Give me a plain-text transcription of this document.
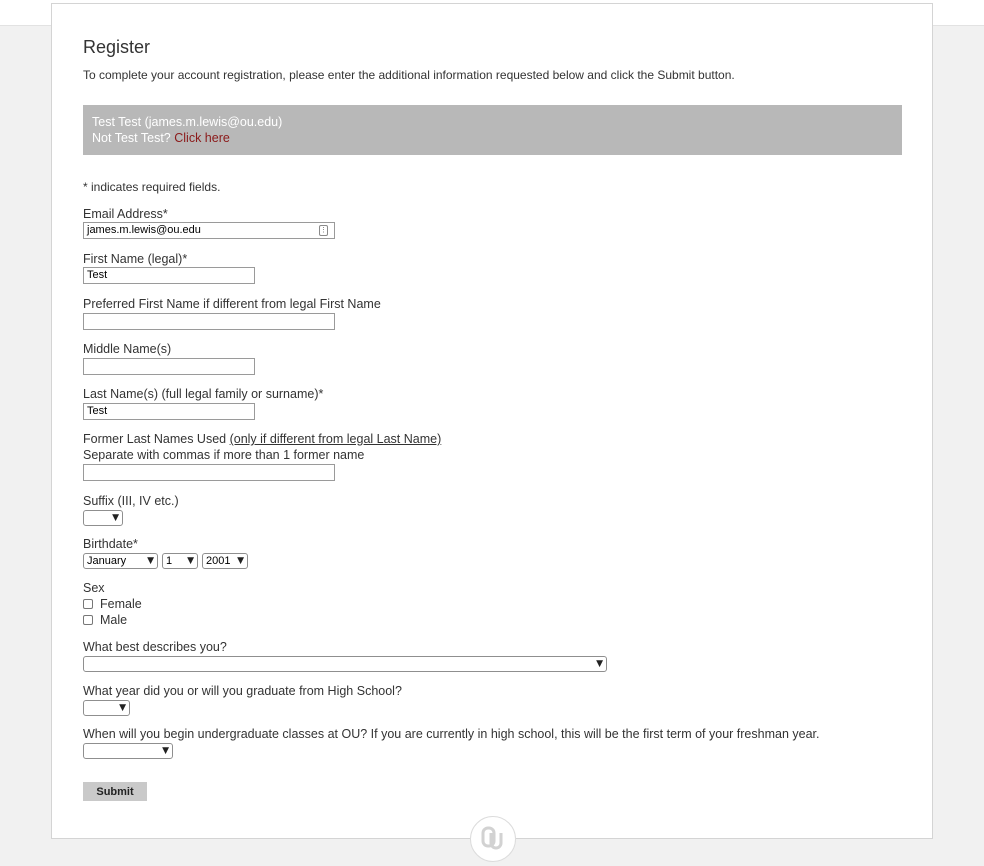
Register
To complete your account registration, please enter the additional information requested below and click the Submit button.
Test Test (james.m.lewis@ou.edu)
Not Test Test? Click here
* indicates required fields.
Email Address*
james.m.lewis@ou.edu	⋮
First Name (legal)*
Test
Preferred First Name if different from legal First Name
Middle Name(s)
Last Name(s) (full legal family or surname)*
Test
Former Last Names Used (only if different from legal Last Name)
Separate with commas if more than 1 former name
Suffix (III, IV etc.)
▼
Birthdate*
January ▼	1 ▼	2001 ▼
Sex
Female
Male
What best describes you?
▼
What year did you or will you graduate from High School?
▼
When will you begin undergraduate classes at OU? If you are currently in high school, this will be the first term of your freshman year.
▼
Submit
